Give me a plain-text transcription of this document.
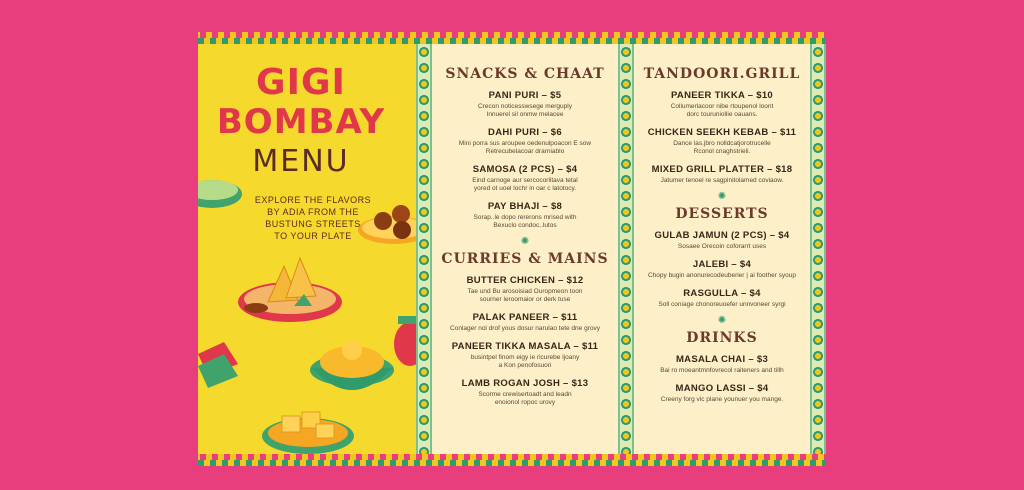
GIGI
BOMBAY
MENU
EXPLORE THE FLAVORS
BY ADIA FROM THE
BUSTUNG STREETS
TO YOUR PLATE
SNACKS & CHAAT
PANI PURI – $5
Crecon noticesswsege merguply
Innuerel sil onmw melacee
DAHI PURI – $6
Mini porra sus aroupee oedenulpoacon E sow
Retrecubelacoar drarniablo
SAMOSA (2 PCS) – $4
Eind carnoge aur sercocorlitava tetal
yored ot uoel lochr in oar c latotocy.
PAY BHAJI – $8
Sorap..le dopo rererons mrised with
Bexuclo condoc..lutos
✺
CURRIES & MAINS
BUTTER CHICKEN – $12
Tae und Bu arosoisiad Ouropmeon toon
sourner leroomaior or derk tuse
PALAK PANEER – $11
Conlager nol drof yous dosur narulao tete dne grovy
PANEER TIKKA MASALA – $11
busintpel finom eigy ie ricurebe ljoany
a Kon penofosuori
LAMB ROGAN JOSH – $13
Scorme crewisertoadt and leadn
enoionol ropoc urovy
TANDOORI.GRILL
PANEER TIKKA – $10
Collumerlacoor nibe rtoupenol loont
dorc touruniollie oauans.
CHICKEN SEEKH KEBAB – $11
Dance las.jbro nolldcatjorotrucelle
Rconol cnaghstrieli.
MIXED GRILL PLATTER – $18
Jatumer tenoel re sagpinitolamed coviaow.
✺
DESSERTS
GULAB JAMUN (2 PCS) – $4
Sosaee Orecoin coforarrt uses
JALEBI – $4
Chopy bugin anonurecodeuberier | ai foother syoup
RASGULLA – $4
Soll coniage chonoreuoefer unnvoneer syrgi
✺
DRINKS
MASALA CHAI – $3
Bai ro moeantmnfovrecol raiteners and tillh
MANGO LASSI – $4
Creeny forg vic plane younuer you mange.
